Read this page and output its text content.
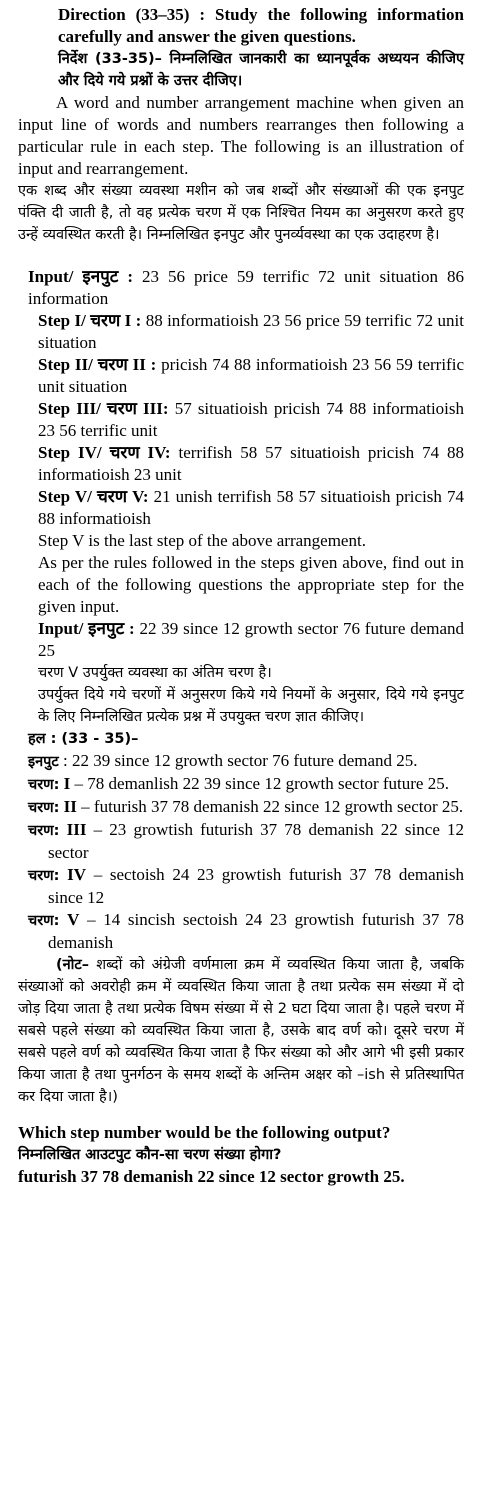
Direction (33–35) : Study the following information carefully and answer the given questions.

निर्देश (33-35)– निम्नलिखित जानकारी का ध्यानपूर्वक अध्ययन कीजिए और दिये गये प्रश्नों के उत्तर दीजिए।

A word and number arrangement machine when given an input line of words and numbers rearranges then following a particular rule in each step. The following is an illustration of input and rearrangement.

एक शब्द और संख्या व्यवस्था मशीन को जब शब्दों और संख्याओं की एक इनपुट पंक्ति दी जाती है, तो वह प्रत्येक चरण में एक निश्चित नियम का अनुसरण करते हुए उन्हें व्यवस्थित करती है। निम्नलिखित इनपुट और पुनर्व्यवस्था का एक उदाहरण है।

Input/ इनपुट : 23 56 price 59 terrific 72 unit situation 86 information

Step I/ चरण I : 88 informatioish 23 56 price 59 terrific 72 unit situation

Step II/ चरण II : pricish 74 88 informatioish 23 56 59 terrific unit situation

Step III/ चरण III: 57 situatioish pricish 74 88 informatioish 23 56 terrific unit

Step IV/ चरण IV: terrifish 58 57 situatioish pricish 74 88 informatioish 23 unit

Step V/ चरण V: 21 unish terrifish 58 57 situatioish pricish 74 88 informatioish

Step V is the last step of the above arrangement.

As per the rules followed in the steps given above, find out in each of the following questions the appropriate step for the given input.

Input/ इनपुट : 22 39 since 12 growth sector 76 future demand 25

चरण V उपर्युक्त व्यवस्था का अंतिम चरण है।

उपर्युक्त दिये गये चरणों में अनुसरण किये गये नियमों के अनुसार, दिये गये इनपुट के लिए निम्नलिखित प्रत्येक प्रश्न में उपयुक्त चरण ज्ञात कीजिए।

हल : (33 - 35)–

इनपुट : 22 39 since 12 growth sector 76 future demand 25.

चरण: I – 78 demanlish 22 39 since 12 growth sector future 25.

चरण: II – futurish 37 78 demanish 22 since 12 growth sector 25.

चरण: III – 23 growtish futurish 37 78 demanish 22 since 12 sector

चरण: IV – sectoish 24 23 growtish futurish 37 78 demanish since 12

चरण: V – 14 sincish sectoish 24 23 growtish futurish 37 78 demanish

(नोट– शब्दों को अंग्रेजी वर्णमाला क्रम में व्यवस्थित किया जाता है, जबकि संख्याओं को अवरोही क्रम में व्यवस्थित किया जाता है तथा प्रत्येक सम संख्या में दो जोड़ दिया जाता है तथा प्रत्येक विषम संख्या में से 2 घटा दिया जाता है। पहले चरण में सबसे पहले संख्या को व्यवस्थित किया जाता है, उसके बाद वर्ण को। दूसरे चरण में सबसे पहले वर्ण को व्यवस्थित किया जाता है फिर संख्या को और आगे भी इसी प्रकार किया जाता है तथा पुनर्गठन के समय शब्दों के अन्तिम अक्षर को –ish से प्रतिस्थापित कर दिया जाता है।)

Which step number would be the following output?

निम्नलिखित आउटपुट कौन-सा चरण संख्या होगा?

futurish 37 78 demanish 22 since 12 sector growth 25.
